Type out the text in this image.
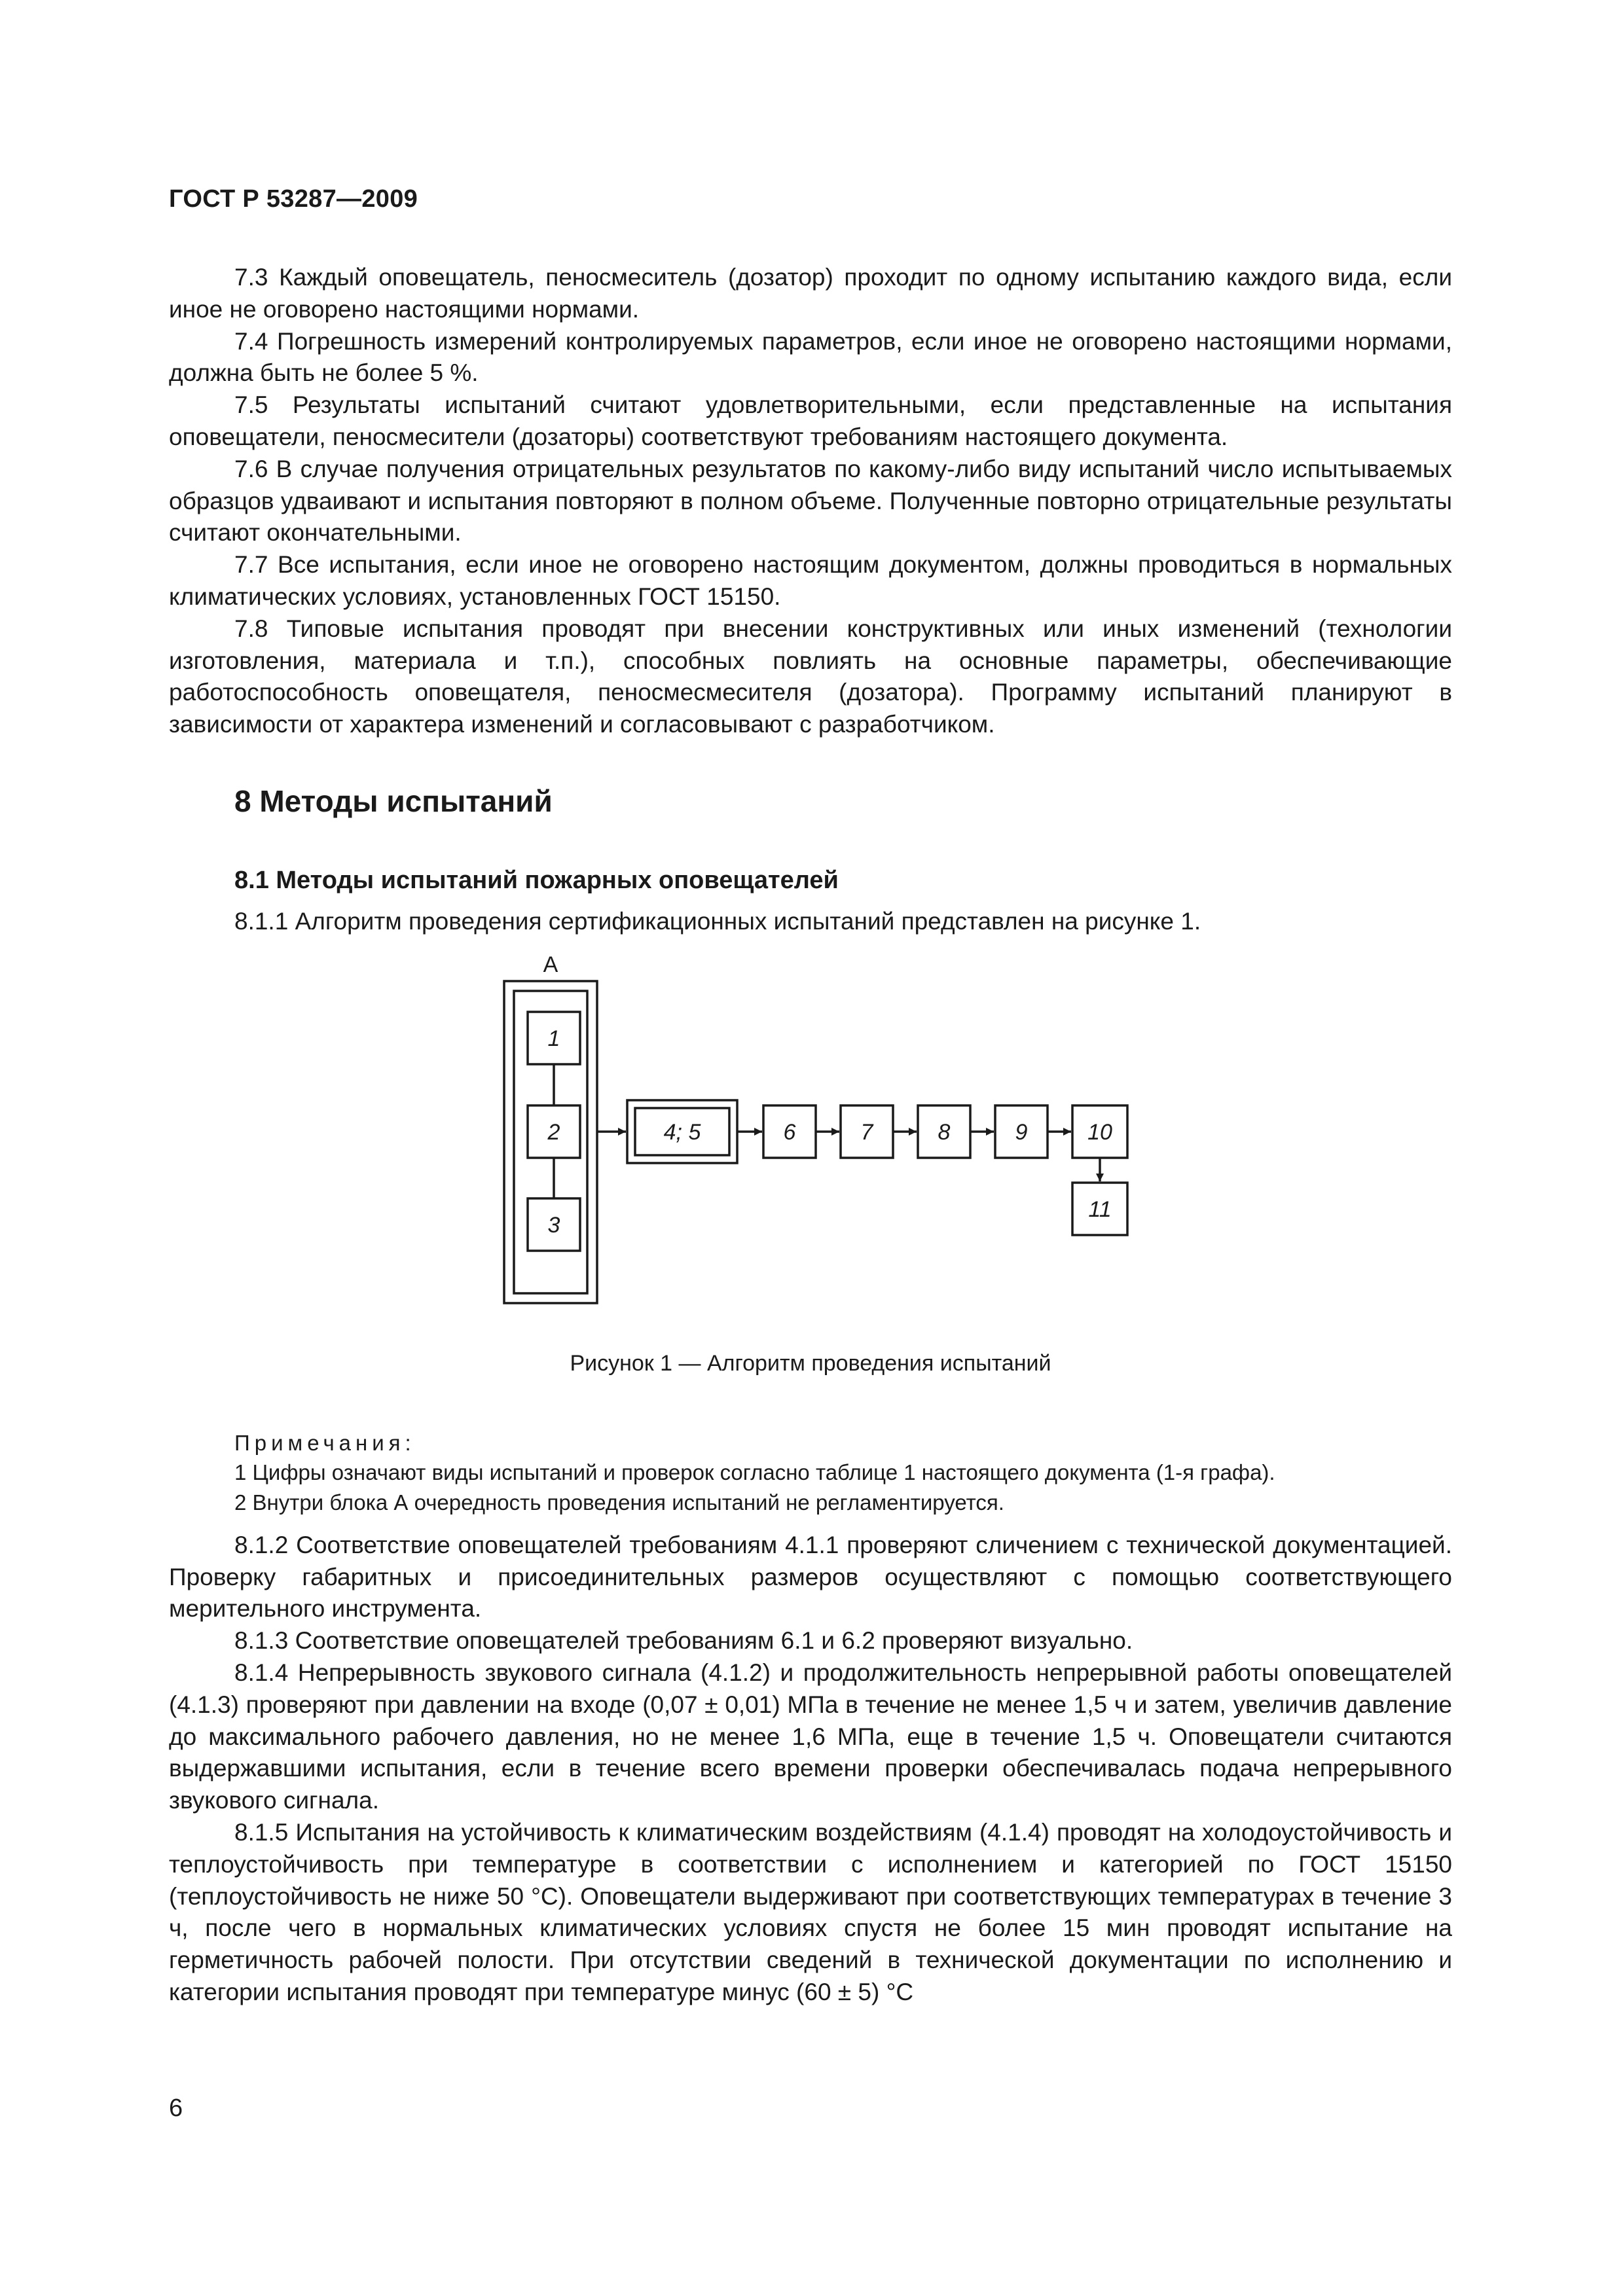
ГОСТ Р 53287—2009

7.3 Каждый оповещатель, пеносмеситель (дозатор) проходит по одному испытанию каждого вида, если иное не оговорено настоящими нормами.

7.4 Погрешность измерений контролируемых параметров, если иное не оговорено настоящими нормами, должна быть не более 5 %.

7.5 Результаты испытаний считают удовлетворительными, если представленные на испытания оповещатели, пеносмесители (дозаторы) соответствуют требованиям настоящего документа.

7.6 В случае получения отрицательных результатов по какому-либо виду испытаний число испытываемых образцов удваивают и испытания повторяют в полном объеме. Полученные повторно отрицательные результаты считают окончательными.

7.7 Все испытания, если иное не оговорено настоящим документом, должны проводиться в нормальных климатических условиях, установленных ГОСТ 15150.

7.8 Типовые испытания проводят при внесении конструктивных или иных изменений (технологии изготовления, материала и т.п.), способных повлиять на основные параметры, обеспечивающие работоспособность оповещателя, пеносмесмесителя (дозатора). Программу испытаний планируют в зависимости от характера изменений и согласовывают с разработчиком.

8 Методы испытаний
8.1 Методы испытаний пожарных оповещателей

8.1.1 Алгоритм проведения сертификационных испытаний представлен на рисунке 1.

А
1
2
3
4; 5	6	7	8	9	10
11

Рисунок 1 — Алгоритм проведения испытаний

Примечания:
1 Цифры означают виды испытаний и проверок согласно таблице 1 настоящего документа (1-я графа).
2 Внутри блока А очередность проведения испытаний не регламентируется.

8.1.2 Соответствие оповещателей требованиям 4.1.1 проверяют сличением с технической документацией. Проверку габаритных и присоединительных размеров осуществляют с помощью соответствующего мерительного инструмента.

8.1.3 Соответствие оповещателей требованиям 6.1 и 6.2 проверяют визуально.

8.1.4 Непрерывность звукового сигнала (4.1.2) и продолжительность непрерывной работы оповещателей (4.1.3) проверяют при давлении на входе (0,07 ± 0,01) МПа в течение не менее 1,5 ч и затем, увеличив давление до максимального рабочего давления, но не менее 1,6 МПа, еще в течение 1,5 ч. Оповещатели считаются выдержавшими испытания, если в течение всего времени проверки обеспечивалась подача непрерывного звукового сигнала.

8.1.5 Испытания на устойчивость к климатическим воздействиям (4.1.4) проводят на холодоустойчивость и теплоустойчивость при температуре в соответствии с исполнением и категорией по ГОСТ 15150 (теплоустойчивость не ниже 50 °С). Оповещатели выдерживают при соответствующих температурах в течение 3 ч, после чего в нормальных климатических условиях спустя не более 15 мин проводят испытание на герметичность рабочей полости. При отсутствии сведений в технической документации по исполнению и категории испытания проводят при температуре минус (60 ± 5) °С

6
